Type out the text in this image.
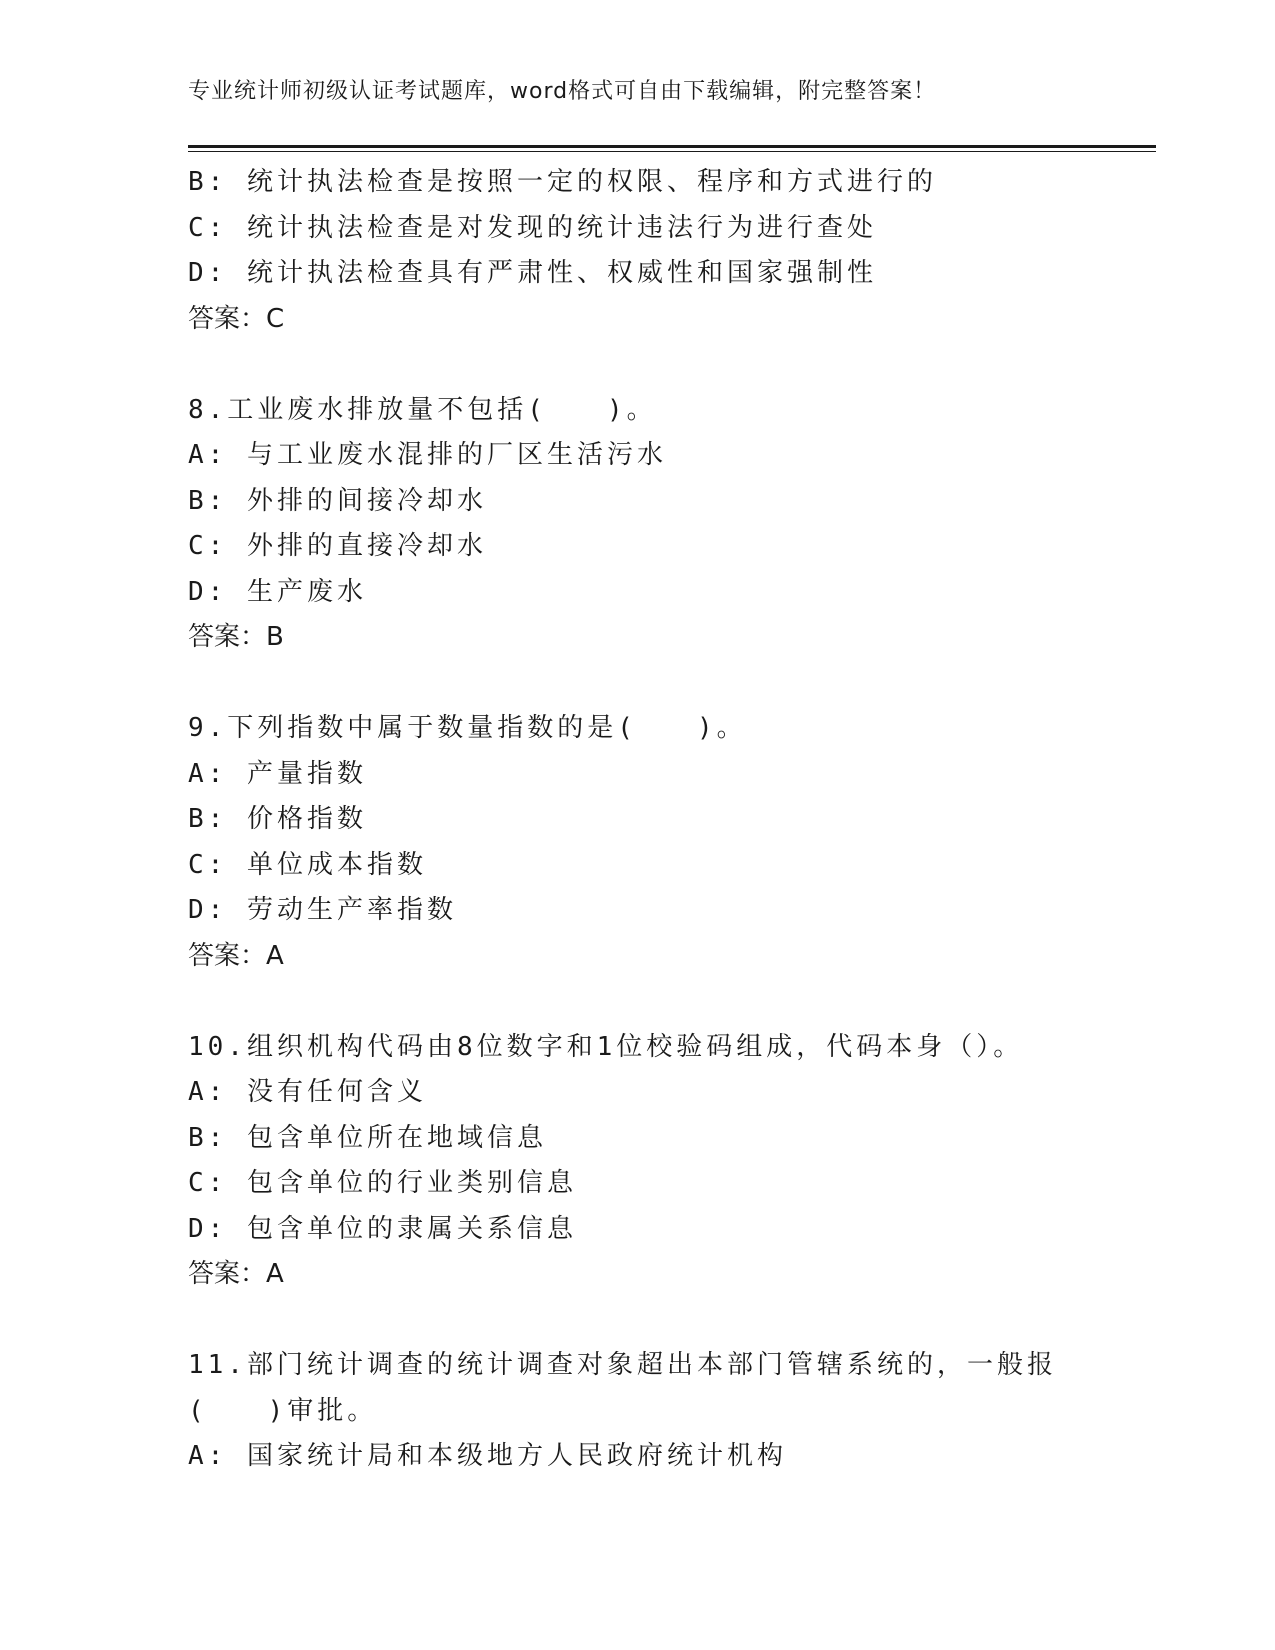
专业统计师初级认证考试题库，word格式可自由下载编辑，附完整答案！
B: 统计执法检查是按照一定的权限、程序和方式进行的
C: 统计执法检查是对发现的统计违法行为进行查处
D: 统计执法检查具有严肃性、权威性和国家强制性
答案：C
8.工业废水排放量不包括(　　)。
A: 与工业废水混排的厂区生活污水
B: 外排的间接冷却水
C: 外排的直接冷却水
D: 生产废水
答案：B
9.下列指数中属于数量指数的是(　　)。
A: 产量指数
B: 价格指数
C: 单位成本指数
D: 劳动生产率指数
答案：A
10.组织机构代码由8位数字和1位校验码组成，代码本身（）。
A: 没有任何含义
B: 包含单位所在地域信息
C: 包含单位的行业类别信息
D: 包含单位的隶属关系信息
答案：A
11.部门统计调查的统计调查对象超出本部门管辖系统的，一般报
(　　)审批。
A: 国家统计局和本级地方人民政府统计机构
